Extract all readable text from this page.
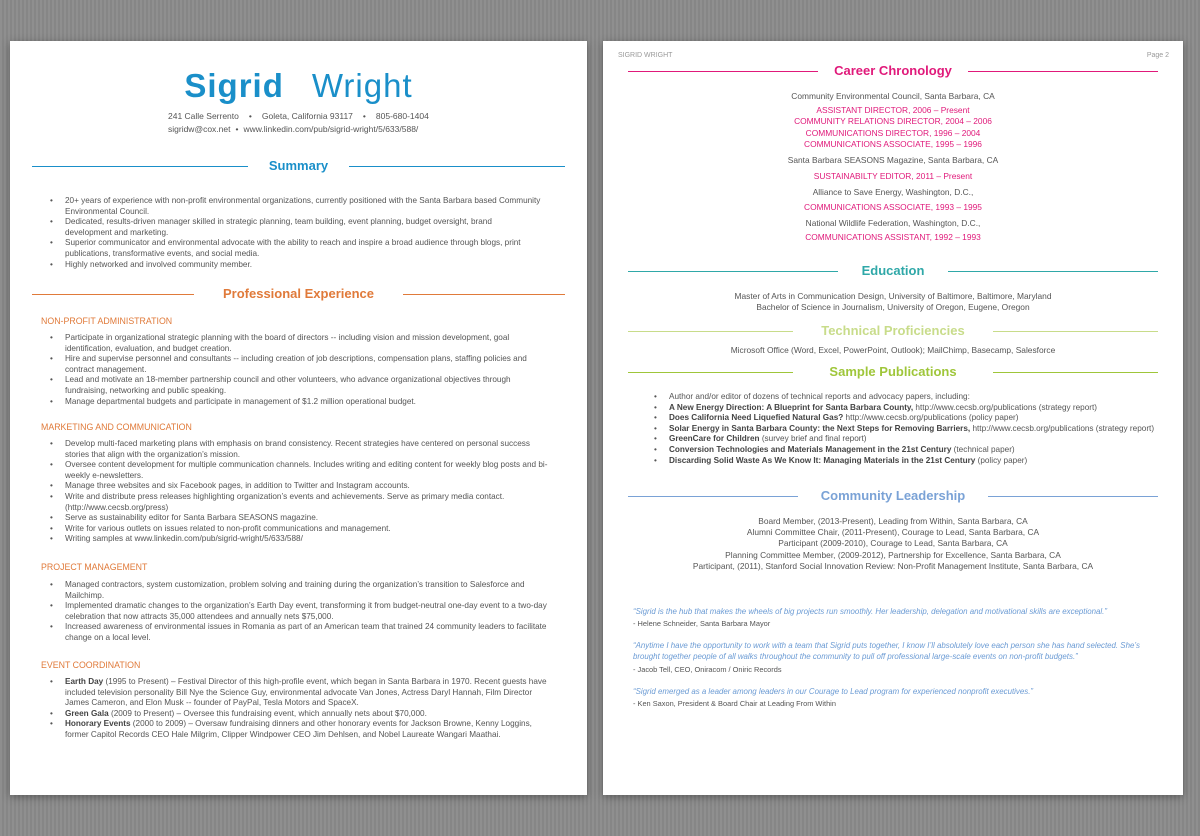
Sigrid Wright
241 Calle Serrento • Goleta, California 93117 • 805-680-1404
sigridw@cox.net • www.linkedin.com/pub/sigrid-wright/5/633/588/
Summary
• 20+ years of experience with non-profit environmental organizations, currently positioned with the Santa Barbara based Community Environmental Council.
• Dedicated, results-driven manager skilled in strategic planning, team building, event planning, budget oversight, brand development and marketing.
• Superior communicator and environmental advocate with the ability to reach and inspire a broad audience through blogs, print publications, transformative events, and social media.
• Highly networked and involved community member.
Professional Experience
NON-PROFIT ADMINISTRATION
• Participate in organizational strategic planning with the board of directors -- including vision and mission development, goal identification, evaluation, and budget creation.
• Hire and supervise personnel and consultants -- including creation of job descriptions, compensation plans, staffing policies and contract management.
• Lead and motivate an 18-member partnership council and other volunteers, who advance organizational objectives through fundraising, networking and public speaking.
• Manage departmental budgets and participate in management of $1.2 million operational budget.
MARKETING AND COMMUNICATION
• Develop multi-faced marketing plans with emphasis on brand consistency. Recent strategies have centered on personal success stories that align with the organization’s mission.
• Oversee content development for multiple communication channels. Includes writing and editing content for weekly blog posts and bi-weekly e-newsletters.
• Manage three websites and six Facebook pages, in addition to Twitter and Instagram accounts.
• Write and distribute press releases highlighting organization’s events and achievements. Serve as primary media contact. (http://www.cecsb.org/press)
• Serve as sustainability editor for Santa Barbara SEASONS magazine.
• Write for various outlets on issues related to non-profit communications and management.
• Writing samples at www.linkedin.com/pub/sigrid-wright/5/633/588/
PROJECT MANAGEMENT
• Managed contractors, system customization, problem solving and training during the organization’s transition to Salesforce and Mailchimp.
• Implemented dramatic changes to the organization’s Earth Day event, transforming it from budget-neutral one-day event to a two-day celebration that now attracts 35,000 attendees and annually nets $75,000.
• Increased awareness of environmental issues in Romania as part of an American team that trained 24 community leaders to facilitate change on a local level.
EVENT COORDINATION
• Earth Day (1995 to Present) – Festival Director of this high-profile event, which began in Santa Barbara in 1970. Recent guests have included television personality Bill Nye the Science Guy, environmental advocate Van Jones, Actress Daryl Hannah, Film Director James Cameron, and Elon Musk -- founder of PayPal, Tesla Motors and SpaceX.
• Green Gala (2009 to Present) – Oversee this fundraising event, which annually nets about $70,000.
• Honorary Events (2000 to 2009) – Oversaw fundraising dinners and other honorary events for Jackson Browne, Kenny Loggins, former Capitol Records CEO Hale Milgrim, Clipper Windpower CEO Jim Dehlsen, and Nobel Laureate Wangari Maathai.
SIGRID WRIGHT	Page 2
Career Chronology
Community Environmental Council, Santa Barbara, CA
ASSISTANT DIRECTOR, 2006 – Present
COMMUNITY RELATIONS DIRECTOR, 2004 – 2006
COMMUNICATIONS DIRECTOR, 1996 – 2004
COMMUNICATIONS ASSOCIATE, 1995 – 1996
Santa Barbara SEASONS Magazine, Santa Barbara, CA
SUSTAINABILTY EDITOR, 2011 – Present
Alliance to Save Energy, Washington, D.C.,
COMMUNICATIONS ASSOCIATE, 1993 – 1995
National Wildlife Federation, Washington, D.C.,
COMMUNICATIONS ASSISTANT, 1992 – 1993
Education
Master of Arts in Communication Design, University of Baltimore, Baltimore, Maryland
Bachelor of Science in Journalism, University of Oregon, Eugene, Oregon
Technical Proficiencies
Microsoft Office (Word, Excel, PowerPoint, Outlook); MailChimp, Basecamp, Salesforce
Sample Publications
• Author and/or editor of dozens of technical reports and advocacy papers, including:
• A New Energy Direction: A Blueprint for Santa Barbara County, http://www.cecsb.org/publications (strategy report)
• Does California Need Liquefied Natural Gas? http://www.cecsb.org/publications (policy paper)
• Solar Energy in Santa Barbara County: the Next Steps for Removing Barriers, http://www.cecsb.org/publications (strategy report)
• GreenCare for Children (survey brief and final report)
• Conversion Technologies and Materials Management in the 21st Century (technical paper)
• Discarding Solid Waste As We Know It: Managing Materials in the 21st Century (policy paper)
Community Leadership
Board Member, (2013-Present), Leading from Within, Santa Barbara, CA
Alumni Committee Chair, (2011-Present), Courage to Lead, Santa Barbara, CA
Participant (2009-2010), Courage to Lead, Santa Barbara, CA
Planning Committee Member, (2009-2012), Partnership for Excellence, Santa Barbara, CA
Participant, (2011), Stanford Social Innovation Review: Non-Profit Management Institute, Santa Barbara, CA
“Sigrid is the hub that makes the wheels of big projects run smoothly. Her leadership, delegation and motivational skills are exceptional.”
- Helene Schneider, Santa Barbara Mayor
“Anytime I have the opportunity to work with a team that Sigrid puts together, I know I’ll absolutely love each person she has hand selected. She’s brought together people of all walks throughout the community to pull off professional large-scale events on non-profit budgets.”
- Jacob Tell, CEO, Oniracom / Oniric Records
“Sigrid emerged as a leader among leaders in our Courage to Lead program for experienced nonprofit executives.”
- Ken Saxon, President & Board Chair at Leading From Within
